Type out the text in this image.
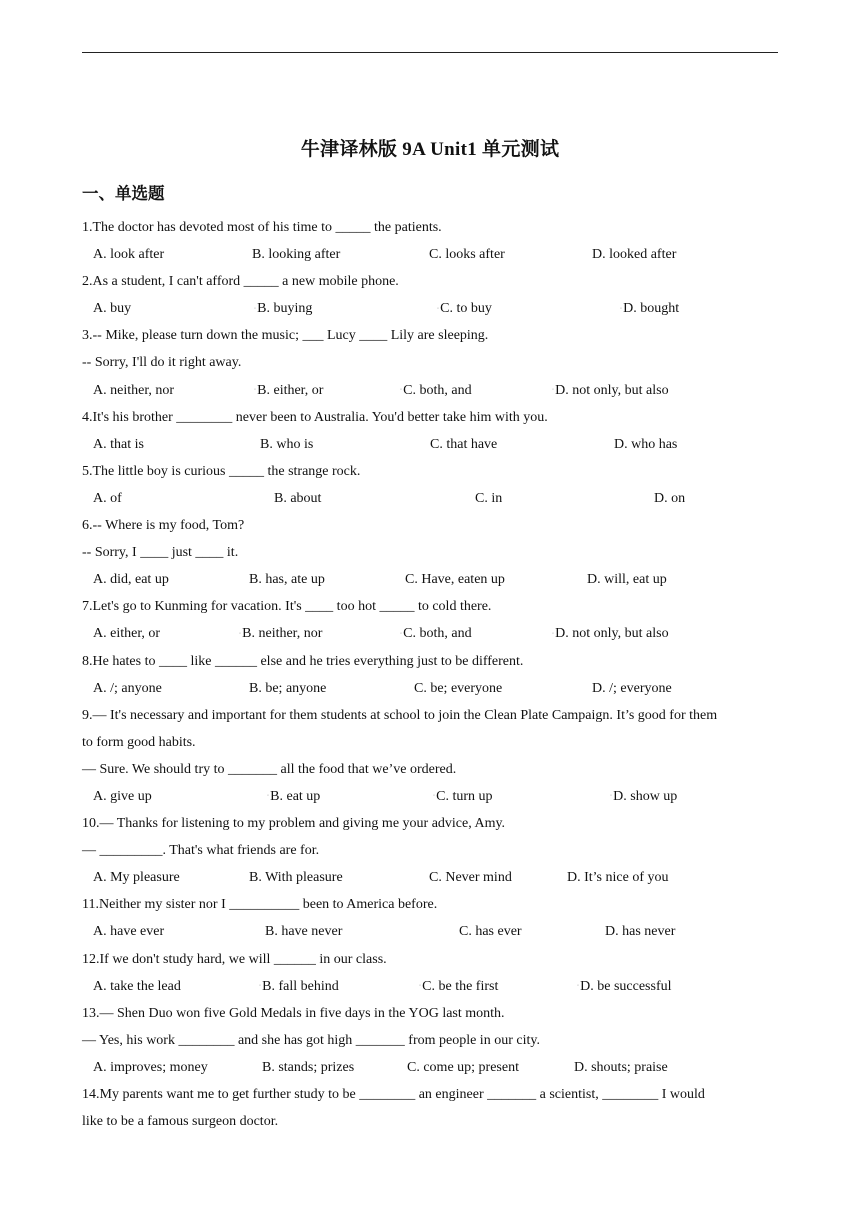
牛津译林版 9A Unit1 单元测试
一、单选题
1.The doctor has devoted most of his time to _____ the patients.
A. look after	B. looking after	C. looks after	D. looked after
2.As a student, I can't afford _____ a new mobile phone.
A. buy	◦B. buying	◦C. to buy	◦D. bought
3.-- Mike, please turn down the music; ___ Lucy ____ Lily are sleeping.
-- Sorry, I'll do it right away.
A. neither, nor	◦B. either, or	◦C. both, and	◦D. not only, but also
4.It's his brother ________ never been to Australia. You'd better take him with you.
A. that is	B. who is	C. that have	D. who has
5.The little boy is curious _____ the strange rock.
A. of	B. about	C. in	D. on
6.-- Where is my food, Tom?
-- Sorry, I ____ just ____ it.
A. did, eat up	B. has, ate up	C. Have, eaten up	D. will, eat up
7.Let's go to Kunming for vacation. It's ____ too hot _____ to cold there.
A. either, or	◦B. neither, nor	◦C. both, and	◦D. not only, but also
8.He hates to ____ like ______ else and he tries everything just to be different.
A. /; anyone	B. be; anyone	C. be; everyone	D. /; everyone
9.— It's necessary and important for them students at school to join the Clean Plate Campaign. It’s good for them
to form good habits.
— Sure. We should try to _______ all the food that we’ve ordered.
A. give up	◦B. eat up	◦C. turn up	◦D. show up
10.— Thanks for listening to my problem and giving me your advice, Amy.
— _________. That's what friends are for.
A. My pleasure	B. With pleasure	C. Never mind	D. It’s nice of you
11.Neither my sister nor I __________ been to America before.
A. have ever	B. have never	C. has ever	D. has never
12.If we don't study hard, we will ______ in our class.
A. take the lead	◦B. fall behind	◦C. be the first	◦D. be successful
13.— Shen Duo won five Gold Medals in five days in the YOG last month.
— Yes, his work ________ and she has got high _______ from people in our city.
A. improves; money	B. stands; prizes	C. come up; present	D. shouts; praise
14.My parents want me to get further study to be ________ an engineer _______ a scientist, ________ I would
like to be a famous surgeon doctor.
